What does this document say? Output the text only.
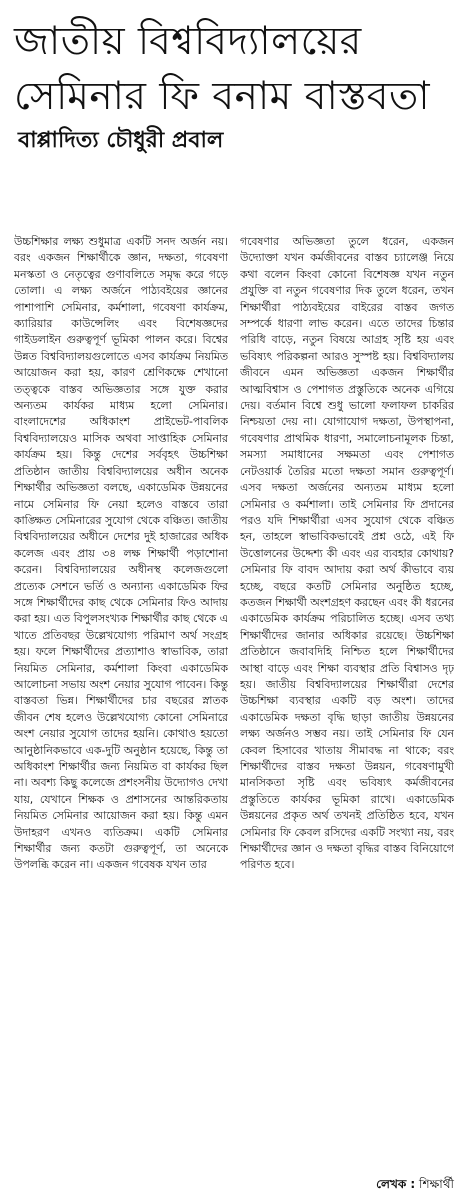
জাতীয় বিশ্ববিদ্যালয়ের সেমিনার ফি বনাম বাস্তবতা
বাপ্পাদিত্য চৌধুরী প্রবাল

উচ্চশিক্ষার লক্ষ্য শুধুমাত্র একটি সনদ অর্জন নয়। বরং একজন শিক্ষার্থীকে জ্ঞান, দক্ষতা, গবেষণা মনস্কতা ও নেতৃত্বের গুণাবলিতে সমৃদ্ধ করে গড়ে তোলা। এ লক্ষ্য অর্জনে পাঠ্যবইয়ের জ্ঞানের পাশাপাশি সেমিনার, কর্মশালা, গবেষণা কার্যক্রম, ক্যারিয়ার কাউন্সেলিং এবং বিশেষজ্ঞদের গাইডলাইন গুরুত্বপূর্ণ ভূমিকা পালন করে। বিশ্বের উন্নত বিশ্ববিদ্যালয়গুলোতে এসব কার্যক্রম নিয়মিত আয়োজন করা হয়, কারণ শ্রেণিকক্ষে শেখানো তত্ত্বকে বাস্তব অভিজ্ঞতার সঙ্গে যুক্ত করার অন্যতম কার্যকর মাধ্যম হলো সেমিনার। বাংলাদেশের অধিকাংশ প্রাইভেট-পাবলিক বিশ্ববিদ্যালয়েও মাসিক অথবা সাপ্তাহিক সেমিনার কার্যক্রম হয়। কিন্তু দেশের সর্ববৃহৎ উচ্চশিক্ষা প্রতিষ্ঠান জাতীয় বিশ্ববিদ্যালয়ের অধীন অনেক শিক্ষার্থীর অভিজ্ঞতা বলছে, একাডেমিক উন্নয়নের নামে সেমিনার ফি নেয়া হলেও বাস্তবে তারা কাঙ্ক্ষিত সেমিনারের সুযোগ থেকে বঞ্চিত। জাতীয় বিশ্ববিদ্যালয়ের অধীনে দেশের দুই হাজারের অধিক কলেজ এবং প্রায় ৩৪ লক্ষ শিক্ষার্থী পড়াশোনা করেন। বিশ্ববিদ্যালয়ের অধীনস্থ কলেজগুলো প্রত্যেক সেশনে ভর্তি ও অন্যান্য একাডেমিক ফির সঙ্গে শিক্ষার্থীদের কাছ থেকে সেমিনার ফিও আদায় করা হয়। এত বিপুলসংখ্যক শিক্ষার্থীর কাছ থেকে এ খাতে প্রতিবছর উল্লেখযোগ্য পরিমাণ অর্থ সংগ্রহ হয়। ফলে শিক্ষার্থীদের প্রত্যাশাও স্বাভাবিক, তারা নিয়মিত সেমিনার, কর্মশালা কিংবা একাডেমিক আলোচনা সভায় অংশ নেয়ার সুযোগ পাবেন। কিন্তু বাস্তবতা ভিন্ন। শিক্ষার্থীদের চার বছরের স্নাতক জীবন শেষ হলেও উল্লেখযোগ্য কোনো সেমিনারে অংশ নেয়ার সুযোগ তাদের হয়নি। কোথাও হয়তো আনুষ্ঠানিকভাবে এক-দুটি অনুষ্ঠান হয়েছে, কিন্তু তা অধিকাংশ শিক্ষার্থীর জন্য নিয়মিত বা কার্যকর ছিল না। অবশ্য কিছু কলেজে প্রশংসনীয় উদ্যোগও দেখা যায়, যেখানে শিক্ষক ও প্রশাসনের আন্তরিকতায় নিয়মিত সেমিনার আয়োজন করা হয়। কিন্তু এমন উদাহরণ এখনও ব্যতিক্রম। একটি সেমিনার শিক্ষার্থীর জন্য কতটা গুরুত্বপূর্ণ, তা অনেকে উপলব্ধি করেন না। একজন গবেষক যখন তার

গবেষণার অভিজ্ঞতা তুলে ধরেন, একজন উদ্যোক্তা যখন কর্মজীবনের বাস্তব চ্যালেঞ্জ নিয়ে কথা বলেন কিংবা কোনো বিশেষজ্ঞ যখন নতুন প্রযুক্তি বা নতুন গবেষণার দিক তুলে ধরেন, তখন শিক্ষার্থীরা পাঠ্যবইয়ের বাইরের বাস্তব জগত সম্পর্কে ধারণা লাভ করেন। এতে তাদের চিন্তার পরিধি বাড়ে, নতুন বিষয়ে আগ্রহ সৃষ্টি হয় এবং ভবিষ্যৎ পরিকল্পনা আরও সুস্পষ্ট হয়। বিশ্ববিদ্যালয় জীবনে এমন অভিজ্ঞতা একজন শিক্ষার্থীর আত্মবিশ্বাস ও পেশাগত প্রস্তুতিকে অনেক এগিয়ে দেয়। বর্তমান বিশ্বে শুধু ভালো ফলাফল চাকরির নিশ্চয়তা দেয় না। যোগাযোগ দক্ষতা, উপস্থাপনা, গবেষণার প্রাথমিক ধারণা, সমালোচনামূলক চিন্তা, সমস্যা সমাধানের সক্ষমতা এবং পেশাগত নেটওয়ার্ক তৈরির মতো দক্ষতা সমান গুরুত্বপূর্ণ। এসব দক্ষতা অর্জনের অন্যতম মাধ্যম হলো সেমিনার ও কর্মশালা। তাই সেমিনার ফি প্রদানের পরও যদি শিক্ষার্থীরা এসব সুযোগ থেকে বঞ্চিত হন, তাহলে স্বাভাবিকভাবেই প্রশ্ন ওঠে, এই ফি উত্তোলনের উদ্দেশ্য কী এবং এর ব্যবহার কোথায়? সেমিনার ফি বাবদ আদায় করা অর্থ কীভাবে ব্যয় হচ্ছে, বছরে কতটি সেমিনার অনুষ্ঠিত হচ্ছে, কতজন শিক্ষার্থী অংশগ্রহণ করছেন এবং কী ধরনের একাডেমিক কার্যক্রম পরিচালিত হচ্ছে। এসব তথ্য শিক্ষার্থীদের জানার অধিকার রয়েছে। উচ্চশিক্ষা প্রতিষ্ঠানে জবাবদিহি নিশ্চিত হলে শিক্ষার্থীদের আস্থা বাড়ে এবং শিক্ষা ব্যবস্থার প্রতি বিশ্বাসও দৃঢ় হয়। জাতীয় বিশ্ববিদ্যালয়ের শিক্ষার্থীরা দেশের উচ্চশিক্ষা ব্যবস্থার একটি বড় অংশ। তাদের একাডেমিক দক্ষতা বৃদ্ধি ছাড়া জাতীয় উন্নয়নের লক্ষ্য অর্জনও সম্ভব নয়। তাই সেমিনার ফি যেন কেবল হিসাবের খাতায় সীমাবদ্ধ না থাকে; বরং শিক্ষার্থীদের বাস্তব দক্ষতা উন্নয়ন, গবেষণামুখী মানসিকতা সৃষ্টি এবং ভবিষ্যৎ কর্মজীবনের প্রস্তুতিতে কার্যকর ভূমিকা রাখে। একাডেমিক উন্নয়নের প্রকৃত অর্থ তখনই প্রতিষ্ঠিত হবে, যখন সেমিনার ফি কেবল রসিদের একটি সংখ্যা নয়, বরং শিক্ষার্থীদের জ্ঞান ও দক্ষতা বৃদ্ধির বাস্তব বিনিয়োগে পরিণত হবে।

লেখক : শিক্ষার্থী
